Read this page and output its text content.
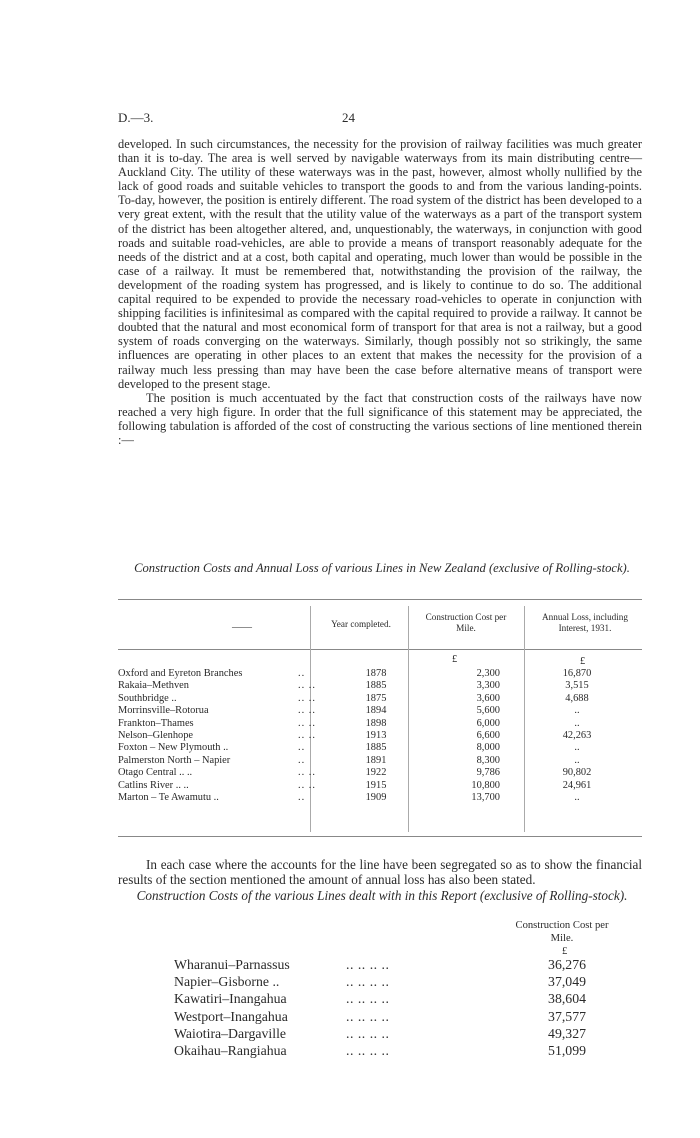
D.—3.	24

developed. In such circumstances, the necessity for the provision of railway facilities was much greater than it is to-day. The area is well served by navigable waterways from its main distributing centre—Auckland City. The utility of these waterways was in the past, however, almost wholly nullified by the lack of good roads and suitable vehicles to transport the goods to and from the various landing-points. To-day, however, the position is entirely different. The road system of the district has been developed to a very great extent, with the result that the utility value of the waterways as a part of the transport system of the district has been altogether altered, and, unquestionably, the waterways, in conjunction with good roads and suitable road-vehicles, are able to provide a means of transport reasonably adequate for the needs of the district and at a cost, both capital and operating, much lower than would be possible in the case of a railway. It must be remembered that, notwithstanding the provision of the railway, the development of the roading system has progressed, and is likely to continue to do so. The additional capital required to be expended to provide the necessary road-vehicles to operate in conjunction with shipping facilities is infinitesimal as compared with the capital required to provide a railway. It cannot be doubted that the natural and most economical form of transport for that area is not a railway, but a good system of roads converging on the waterways. Similarly, though possibly not so strikingly, the same influences are operating in other places to an extent that makes the necessity for the provision of a railway much less pressing than may have been the case before alternative means of transport were developed to the present stage.

The position is much accentuated by the fact that construction costs of the railways have now reached a very high figure. In order that the full significance of this statement may be appreciated, the following tabulation is afforded of the cost of constructing the various sections of line mentioned therein :—

Construction Costs and Annual Loss of various Lines in New Zealand (exclusive of Rolling-stock).
——	Year completed.
Construction Cost per Mile.
Annual Loss, including Interest, 1931.
£	£
Oxford and Eyreton Branches	..	1878	2,300	16,870
Rakaia–Methven	.. ..	1885	3,300	3,515
Southbridge ..	.. ..	1875	3,600	4,688
Morrinsville–Rotorua	.. ..	1894	5,600	..
Frankton–Thames	.. ..	1898	6,000	..
Nelson–Glenhope	.. ..	1913	6,600	42,263
Foxton – New Plymouth ..	..	1885	8,000	..
Palmerston North – Napier	..	1891	8,300	..
Otago Central .. ..	.. ..	1922	9,786	90,802
Catlins River .. ..	.. ..	1915	10,800	24,961
Marton – Te Awamutu ..	..	1909	13,700	..

In each case where the accounts for the line have been segregated so as to show the financial results of the section mentioned the amount of annual loss has also been stated.

Construction Costs of the various Lines dealt with in this Report (exclusive of Rolling-stock).
Construction Cost per Mile.
£
Wharanui–Parnassus	.. .. .. ..	36,276
Napier–Gisborne ..	.. .. .. ..	37,049
Kawatiri–Inangahua	.. .. .. ..	38,604
Westport–Inangahua	.. .. .. ..	37,577
Waiotira–Dargaville	.. .. .. ..	49,327
Okaihau–Rangiahua	.. .. .. ..	51,099
